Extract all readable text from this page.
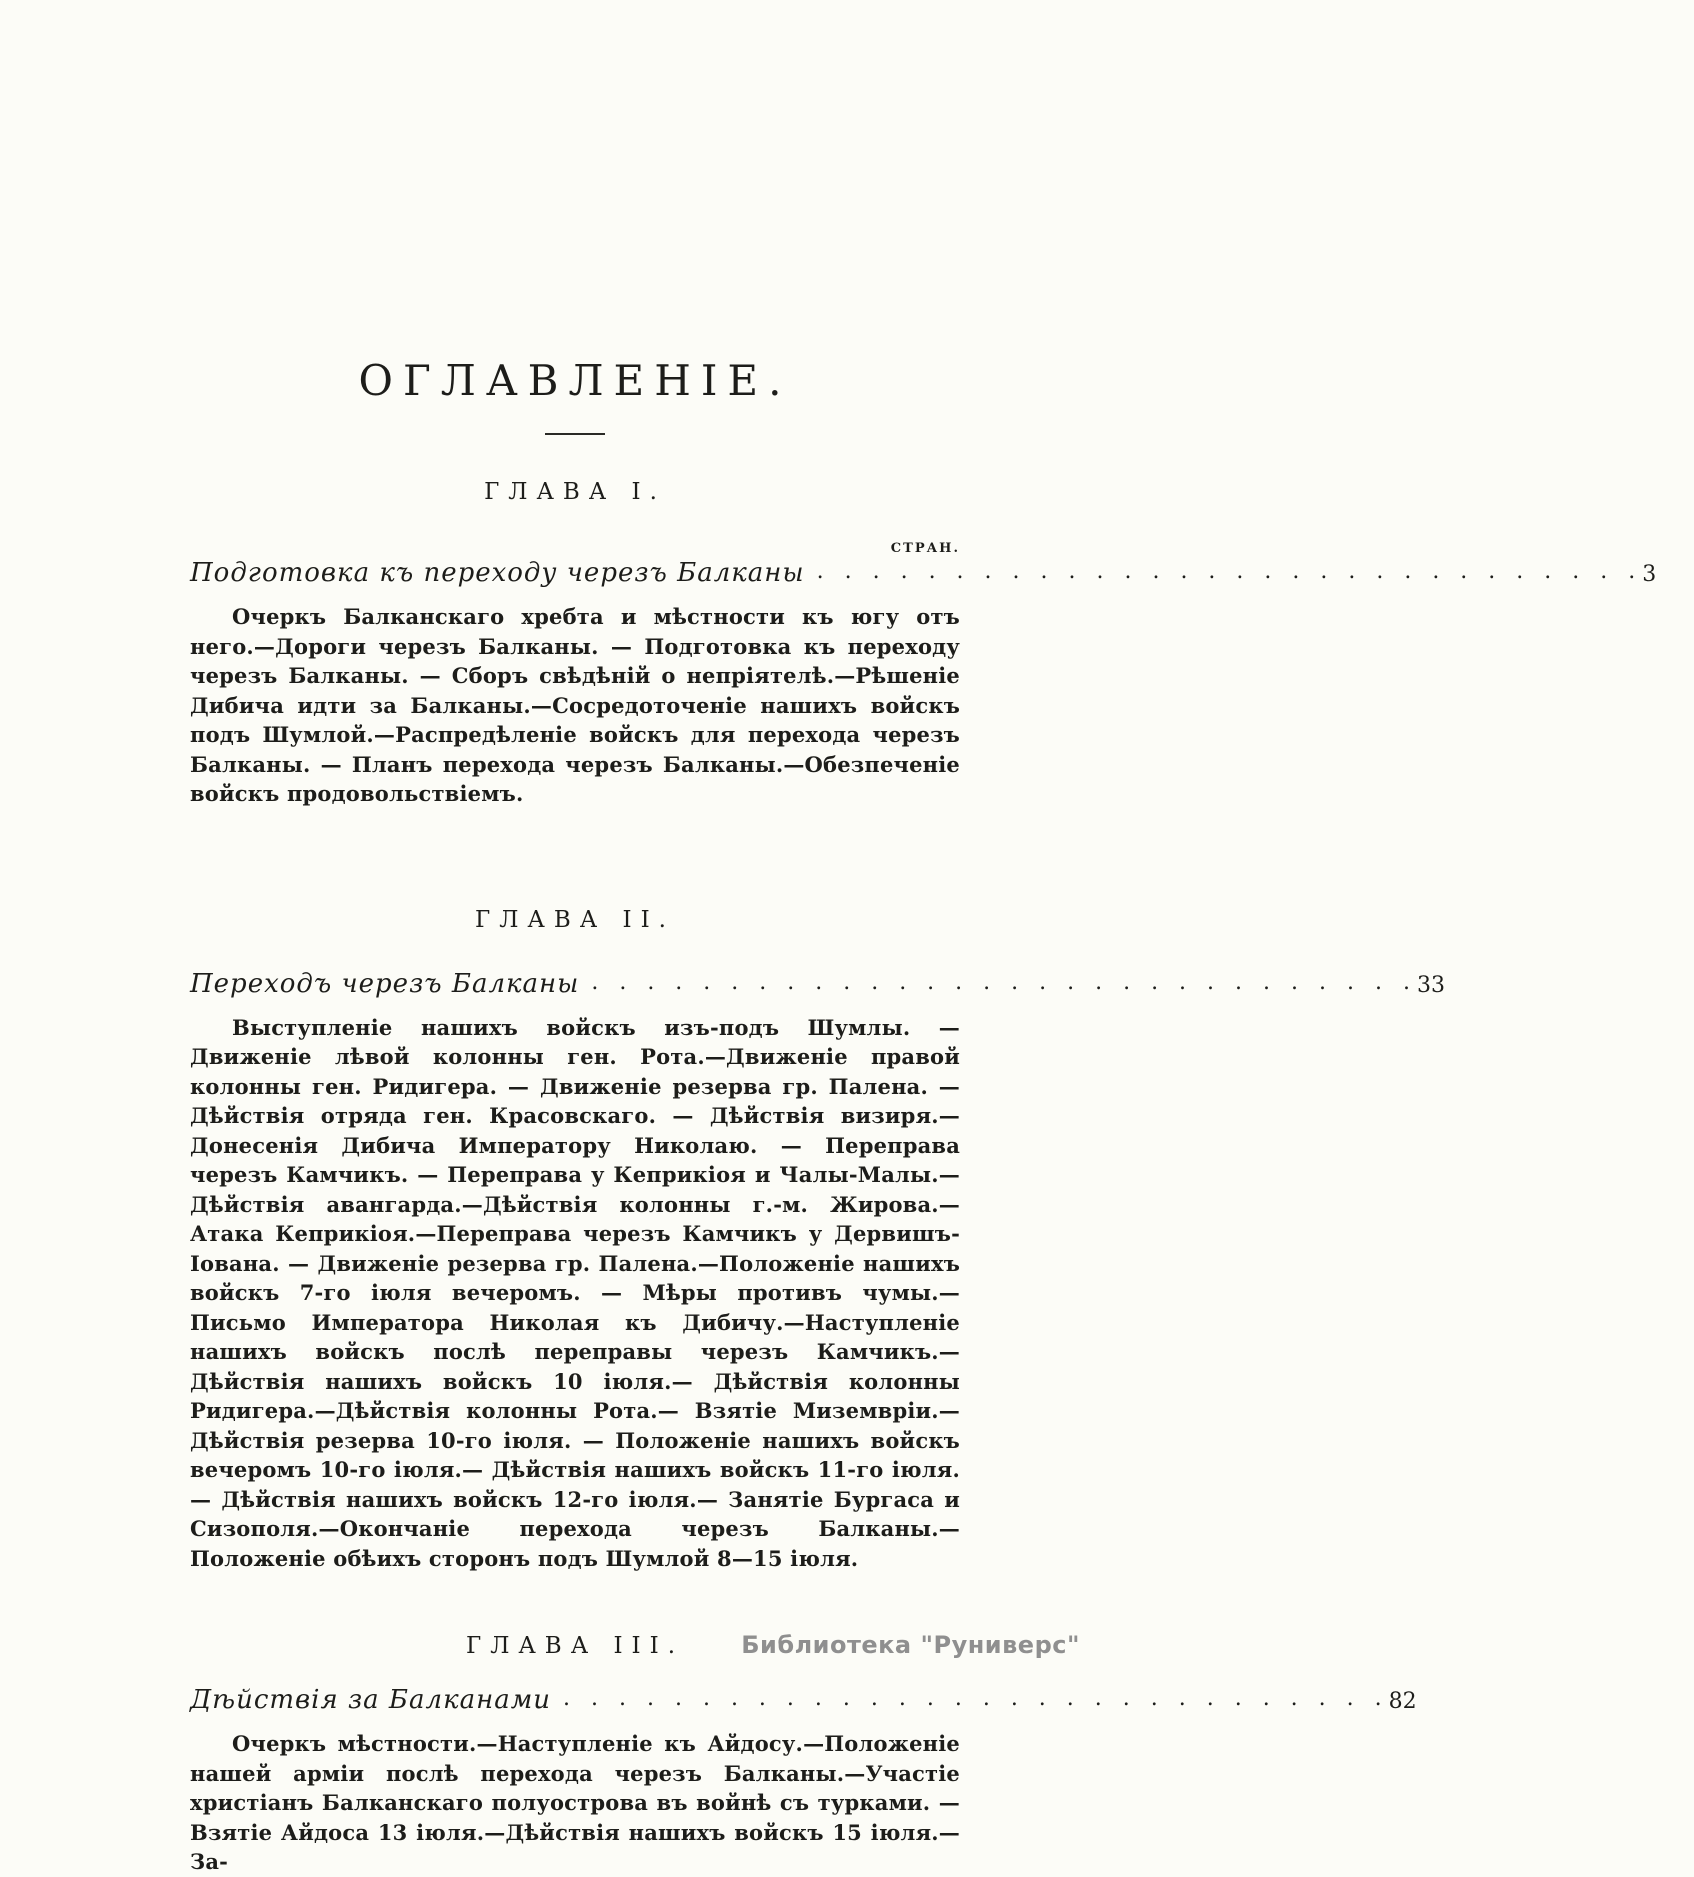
ОГЛАВЛЕНІЕ.
ГЛАВА I.
СТРАН.
Подготовка къ переходу черезъ Балканы . . . . . . . . . . . . . . . . . . . . . . . . . . . . . . 3

Очеркъ Балканскаго хребта и мѣстности къ югу отъ него.—Дороги черезъ Балканы. — Подготовка къ переходу черезъ Балканы. — Сборъ свѣдѣній о непріятелѣ.—Рѣшеніе Дибича идти за Балканы.—Сосредоточеніе нашихъ войскъ подъ Шумлой.—Распредѣленіе войскъ для перехода черезъ Балканы. — Планъ перехода черезъ Балканы.—Обезпеченіе войскъ продовольствіемъ.

ГЛАВА II.
Переходъ черезъ Балканы . . . . . . . . . . . . . . . . . . . . . . . . . . . . . . 33

Выступленіе нашихъ войскъ изъ-подъ Шумлы. — Движеніе лѣвой колонны ген. Рота.—Движеніе правой колонны ген. Ридигера. — Движеніе резерва гр. Палена. — Дѣйствія отряда ген. Красовскаго. — Дѣйствія визиря.—Донесенія Дибича Императору Николаю. — Переправа черезъ Камчикъ. — Переправа у Кеприкіоя и Чалы-Малы.—Дѣйствія авангарда.—Дѣйствія колонны г.-м. Жирова.— Атака Кеприкіоя.—Переправа черезъ Камчикъ у Дервишъ-Іована. — Движеніе резерва гр. Палена.—Положеніе нашихъ войскъ 7-го іюля вечеромъ. — Мѣры противъ чумы.—Письмо Императора Николая къ Дибичу.—Наступленіе нашихъ войскъ послѣ переправы черезъ Камчикъ.—Дѣйствія нашихъ войскъ 10 іюля.— Дѣйствія колонны Ридигера.—Дѣйствія колонны Рота.— Взятіе Миземвріи.—Дѣйствія резерва 10-го іюля. — Положеніе нашихъ войскъ вечеромъ 10-го іюля.— Дѣйствія нашихъ войскъ 11-го іюля. — Дѣйствія нашихъ войскъ 12-го іюля.— Занятіе Бургаса и Сизополя.—Окончаніе перехода черезъ Балканы.—Положеніе обѣихъ сторонъ подъ Шумлой 8—15 іюля.

ГЛАВА III.
Дѣйствія за Балканами . . . . . . . . . . . . . . . . . . . . . . . . . . . . . . 82

Очеркъ мѣстности.—Наступленіе къ Айдосу.—Положеніе нашей арміи послѣ перехода черезъ Балканы.—Участіе христіанъ Балканскаго полуострова въ войнѣ съ турками. — Взятіе Айдоса 13 іюля.—Дѣйствія нашихъ войскъ 15 іюля.—За-

Библиотека "Руниверс"
